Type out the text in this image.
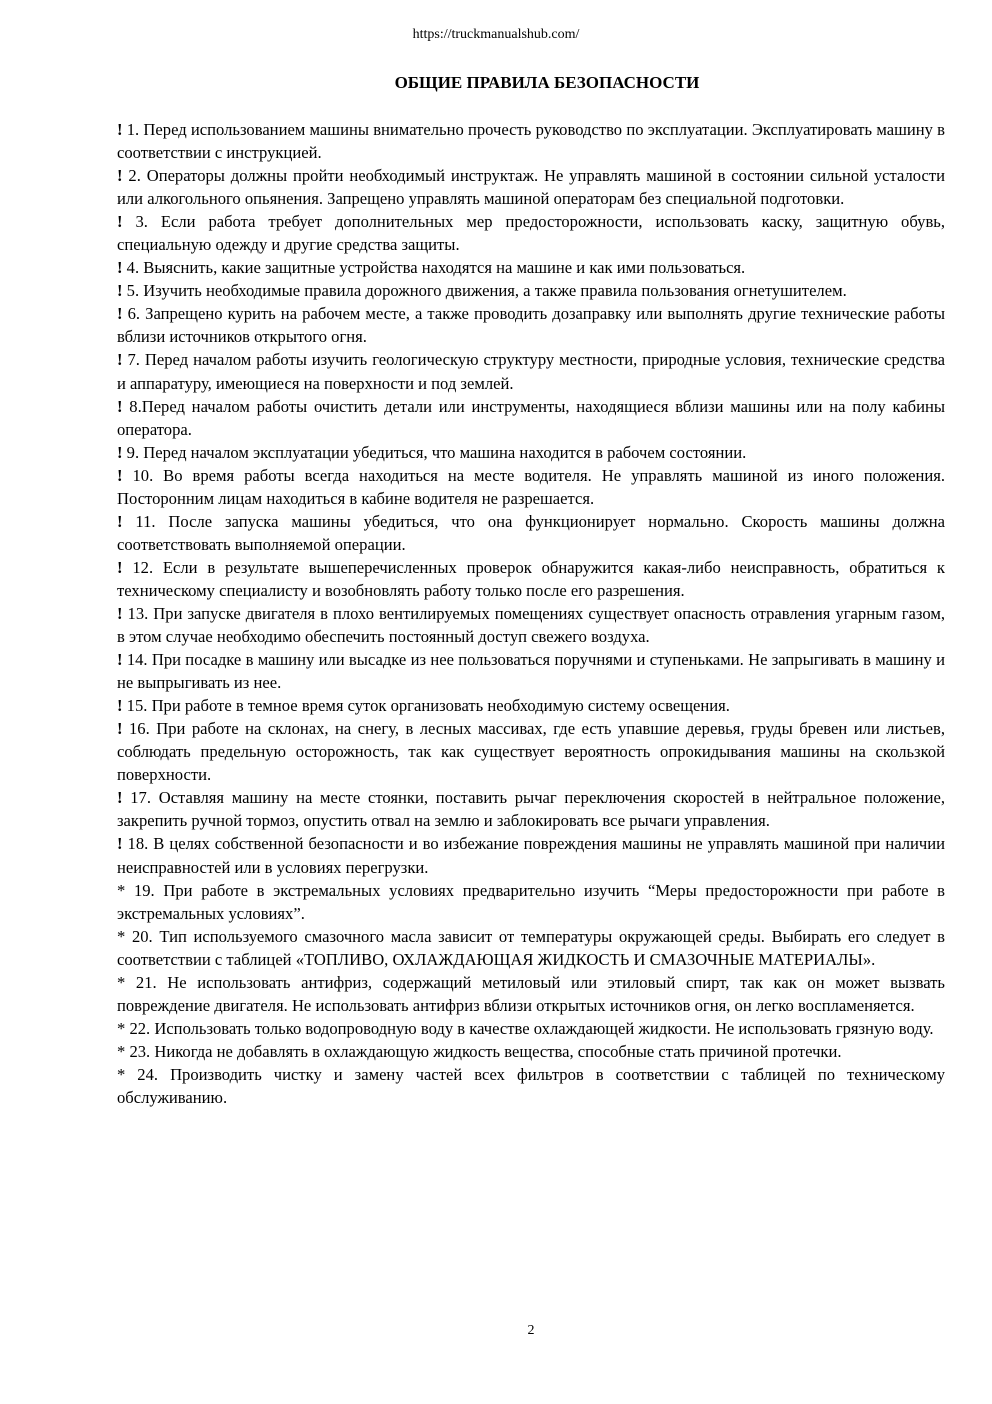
https://truckmanualshub.com/
ОБЩИЕ ПРАВИЛА БЕЗОПАСНОСТИ
! 1. Перед использованием машины внимательно прочесть руководство по эксплуатации. Эксплуатировать машину в соответствии с инструкцией.
! 2. Операторы должны пройти необходимый инструктаж. Не управлять машиной в состоянии сильной усталости или алкогольного опьянения. Запрещено управлять машиной операторам без специальной подготовки.
! 3. Если работа требует дополнительных мер предосторожности, использовать каску, защитную обувь, специальную одежду и другие средства защиты.
! 4. Выяснить, какие защитные устройства находятся на машине и как ими пользоваться.
! 5. Изучить необходимые правила дорожного движения, а также правила пользования огнетушителем.
! 6. Запрещено курить на рабочем месте, а также проводить дозаправку или выполнять другие технические работы вблизи источников открытого огня.
! 7. Перед началом работы изучить геологическую структуру местности, природные условия, технические средства и аппаратуру, имеющиеся на поверхности и под землей.
! 8.Перед началом работы очистить детали или инструменты, находящиеся вблизи машины или на полу кабины оператора.
! 9. Перед началом эксплуатации убедиться, что машина находится в рабочем состоянии.
! 10. Во время работы всегда находиться на месте водителя. Не управлять машиной из иного положения. Посторонним лицам находиться в кабине водителя не разрешается.
! 11. После запуска машины убедиться, что она функционирует нормально. Скорость машины должна соответствовать выполняемой операции.
! 12. Если в результате вышеперечисленных проверок обнаружится какая-либо неисправность, обратиться к техническому специалисту и возобновлять работу только после его разрешения.
! 13. При запуске двигателя в плохо вентилируемых помещениях существует опасность отравления угарным газом, в этом случае необходимо обеспечить постоянный доступ свежего воздуха.
! 14. При посадке в машину или высадке из нее пользоваться поручнями и ступеньками. Не запрыгивать в машину и не выпрыгивать из нее.
! 15. При работе в темное время суток организовать необходимую систему освещения.
! 16. При работе на склонах, на снегу, в лесных массивах, где есть упавшие деревья, груды бревен или листьев, соблюдать предельную осторожность, так как существует вероятность опрокидывания машины на скользкой поверхности.
! 17. Оставляя машину на месте стоянки, поставить рычаг переключения скоростей в нейтральное положение, закрепить ручной тормоз, опустить отвал на землю и заблокировать все рычаги управления.
! 18. В целях собственной безопасности и во избежание повреждения машины не управлять машиной при наличии неисправностей или в условиях перегрузки.
* 19. При работе в экстремальных условиях предварительно изучить “Меры предосторожности при работе в экстремальных условиях”.
* 20. Тип используемого смазочного масла зависит от температуры окружающей среды. Выбирать его следует в соответствии с таблицей «ТОПЛИВО, ОХЛАЖДАЮЩАЯ ЖИДКОСТЬ И СМАЗОЧНЫЕ МАТЕРИАЛЫ».
* 21. Не использовать антифриз, содержащий метиловый или этиловый спирт, так как он может вызвать повреждение двигателя. Не использовать антифриз вблизи открытых источников огня, он легко воспламеняется.
* 22. Использовать только водопроводную воду в качестве охлаждающей жидкости. Не использовать грязную воду.
* 23. Никогда не добавлять в охлаждающую жидкость вещества, способные стать причиной протечки.
* 24. Производить чистку и замену частей всех фильтров в соответствии с таблицей по техническому обслуживанию.
2
